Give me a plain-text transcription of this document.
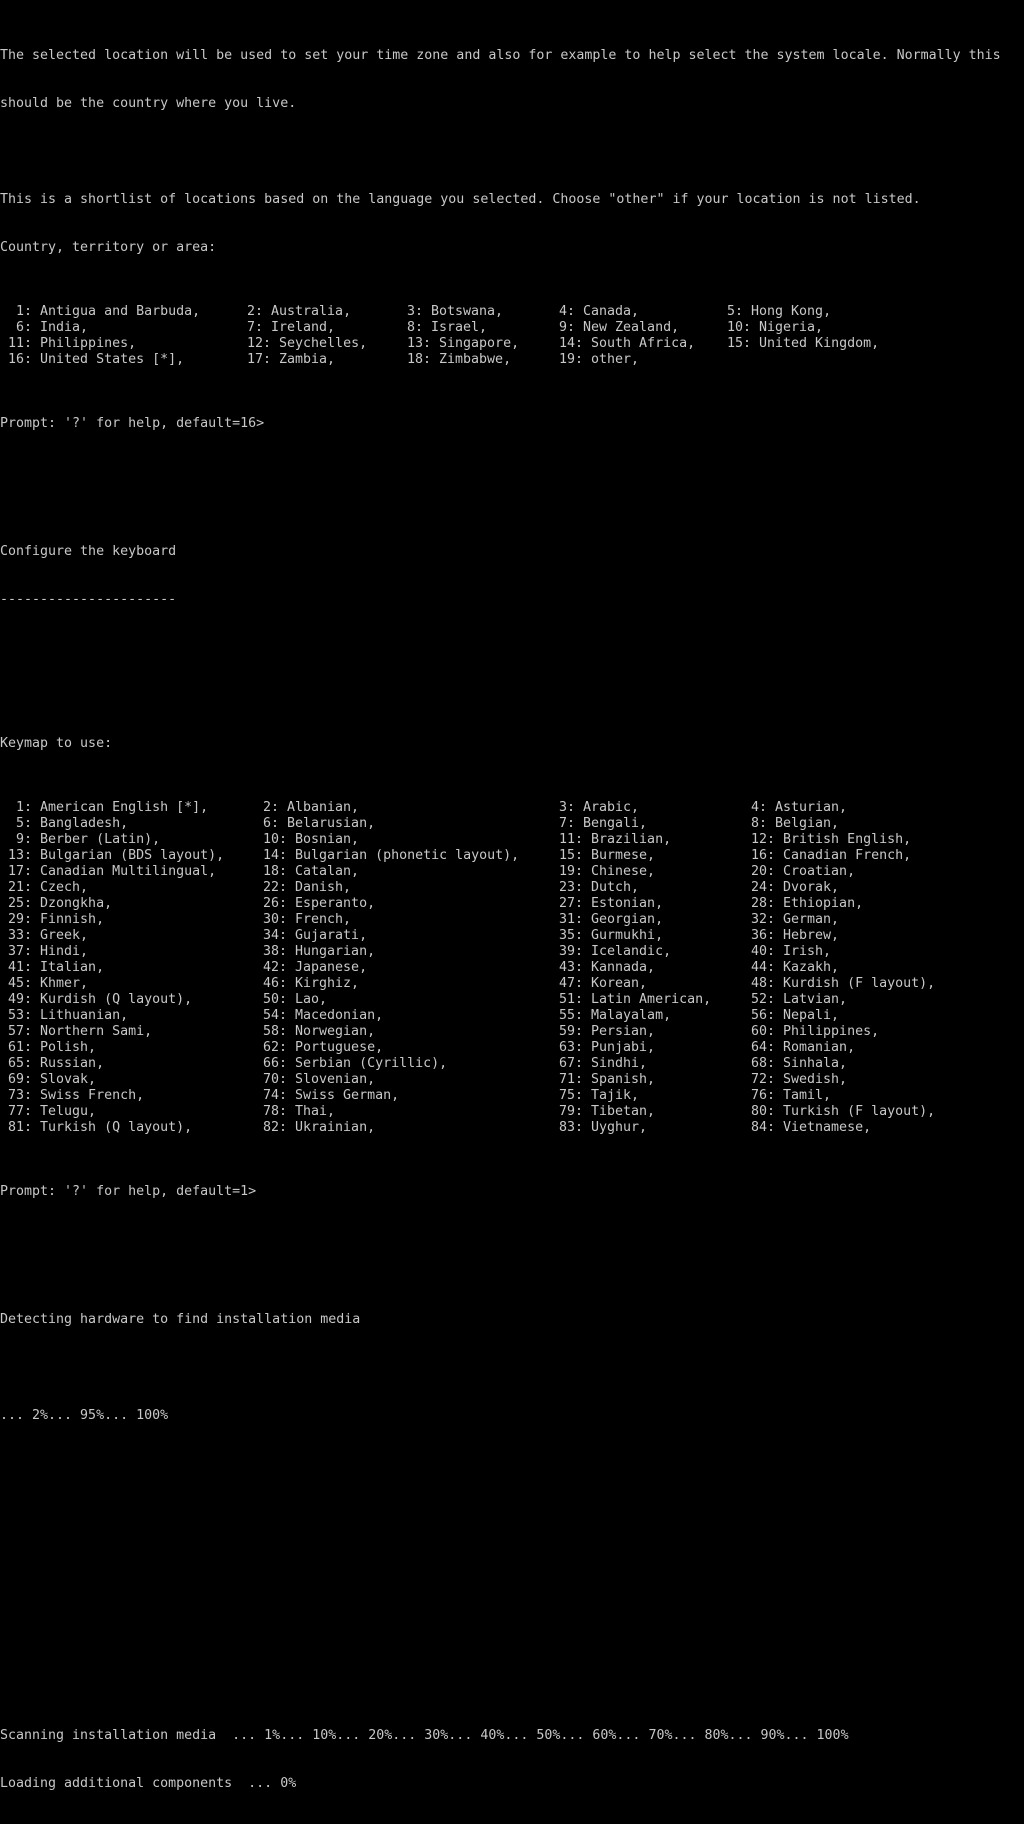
The selected location will be used to set your time zone and also for example to help select the system locale. Normally this

should be the country where you live.

This is a shortlist of locations based on the language you selected. Choose "other" if your location is not listed.

Country, territory or area:

1: Antigua and Barbuda,	2: Australia,	3: Botswana,	4: Canada,	5: Hong Kong,
6: India,	7: Ireland,	8: Israel,	9: New Zealand,	10: Nigeria,
11: Philippines,	12: Seychelles,	13: Singapore,	14: South Africa, 15: United Kingdom,
16: United States [*],	17: Zambia,	18: Zimbabwe,	19: other,

Prompt: '?' for help, default=16>

Configure the keyboard

----------------------

Keymap to use:

1: American English [*],	2: Albanian,	3: Arabic,	4: Asturian,
5: Bangladesh,	6: Belarusian,	7: Bengali,	8: Belgian,
9: Berber (Latin),	10: Bosnian,	11: Brazilian,	12: British English,
13: Bulgarian (BDS layout),	14: Bulgarian (phonetic layout),	15: Burmese,	16: Canadian French,
17: Canadian Multilingual,	18: Catalan,	19: Chinese,	20: Croatian,
21: Czech,	22: Danish,	23: Dutch,	24: Dvorak,
25: Dzongkha,	26: Esperanto,	27: Estonian,	28: Ethiopian,
29: Finnish,	30: French,	31: Georgian,	32: German,
33: Greek,	34: Gujarati,	35: Gurmukhi,	36: Hebrew,
37: Hindi,	38: Hungarian,	39: Icelandic,	40: Irish,
41: Italian,	42: Japanese,	43: Kannada,	44: Kazakh,
45: Khmer,	46: Kirghiz,	47: Korean,	48: Kurdish (F layout),
49: Kurdish (Q layout),	50: Lao,	51: Latin American,	52: Latvian,
53: Lithuanian,	54: Macedonian,	55: Malayalam,	56: Nepali,
57: Northern Sami,	58: Norwegian,	59: Persian,	60: Philippines,
61: Polish,	62: Portuguese,	63: Punjabi,	64: Romanian,
65: Russian,	66: Serbian (Cyrillic),	67: Sindhi,	68: Sinhala,
69: Slovak,	70: Slovenian,	71: Spanish,	72: Swedish,
73: Swiss French,	74: Swiss German,	75: Tajik,	76: Tamil,
77: Telugu,	78: Thai,	79: Tibetan,	80: Turkish (F layout),
81: Turkish (Q layout),	82: Ukrainian,	83: Uyghur,	84: Vietnamese,

Prompt: '?' for help, default=1>

Detecting hardware to find installation media

... 2%... 95%... 100%

Scanning installation media  ... 1%... 10%... 20%... 30%... 40%... 50%... 60%... 70%... 80%... 90%... 100%

Loading additional components  ... 0%
